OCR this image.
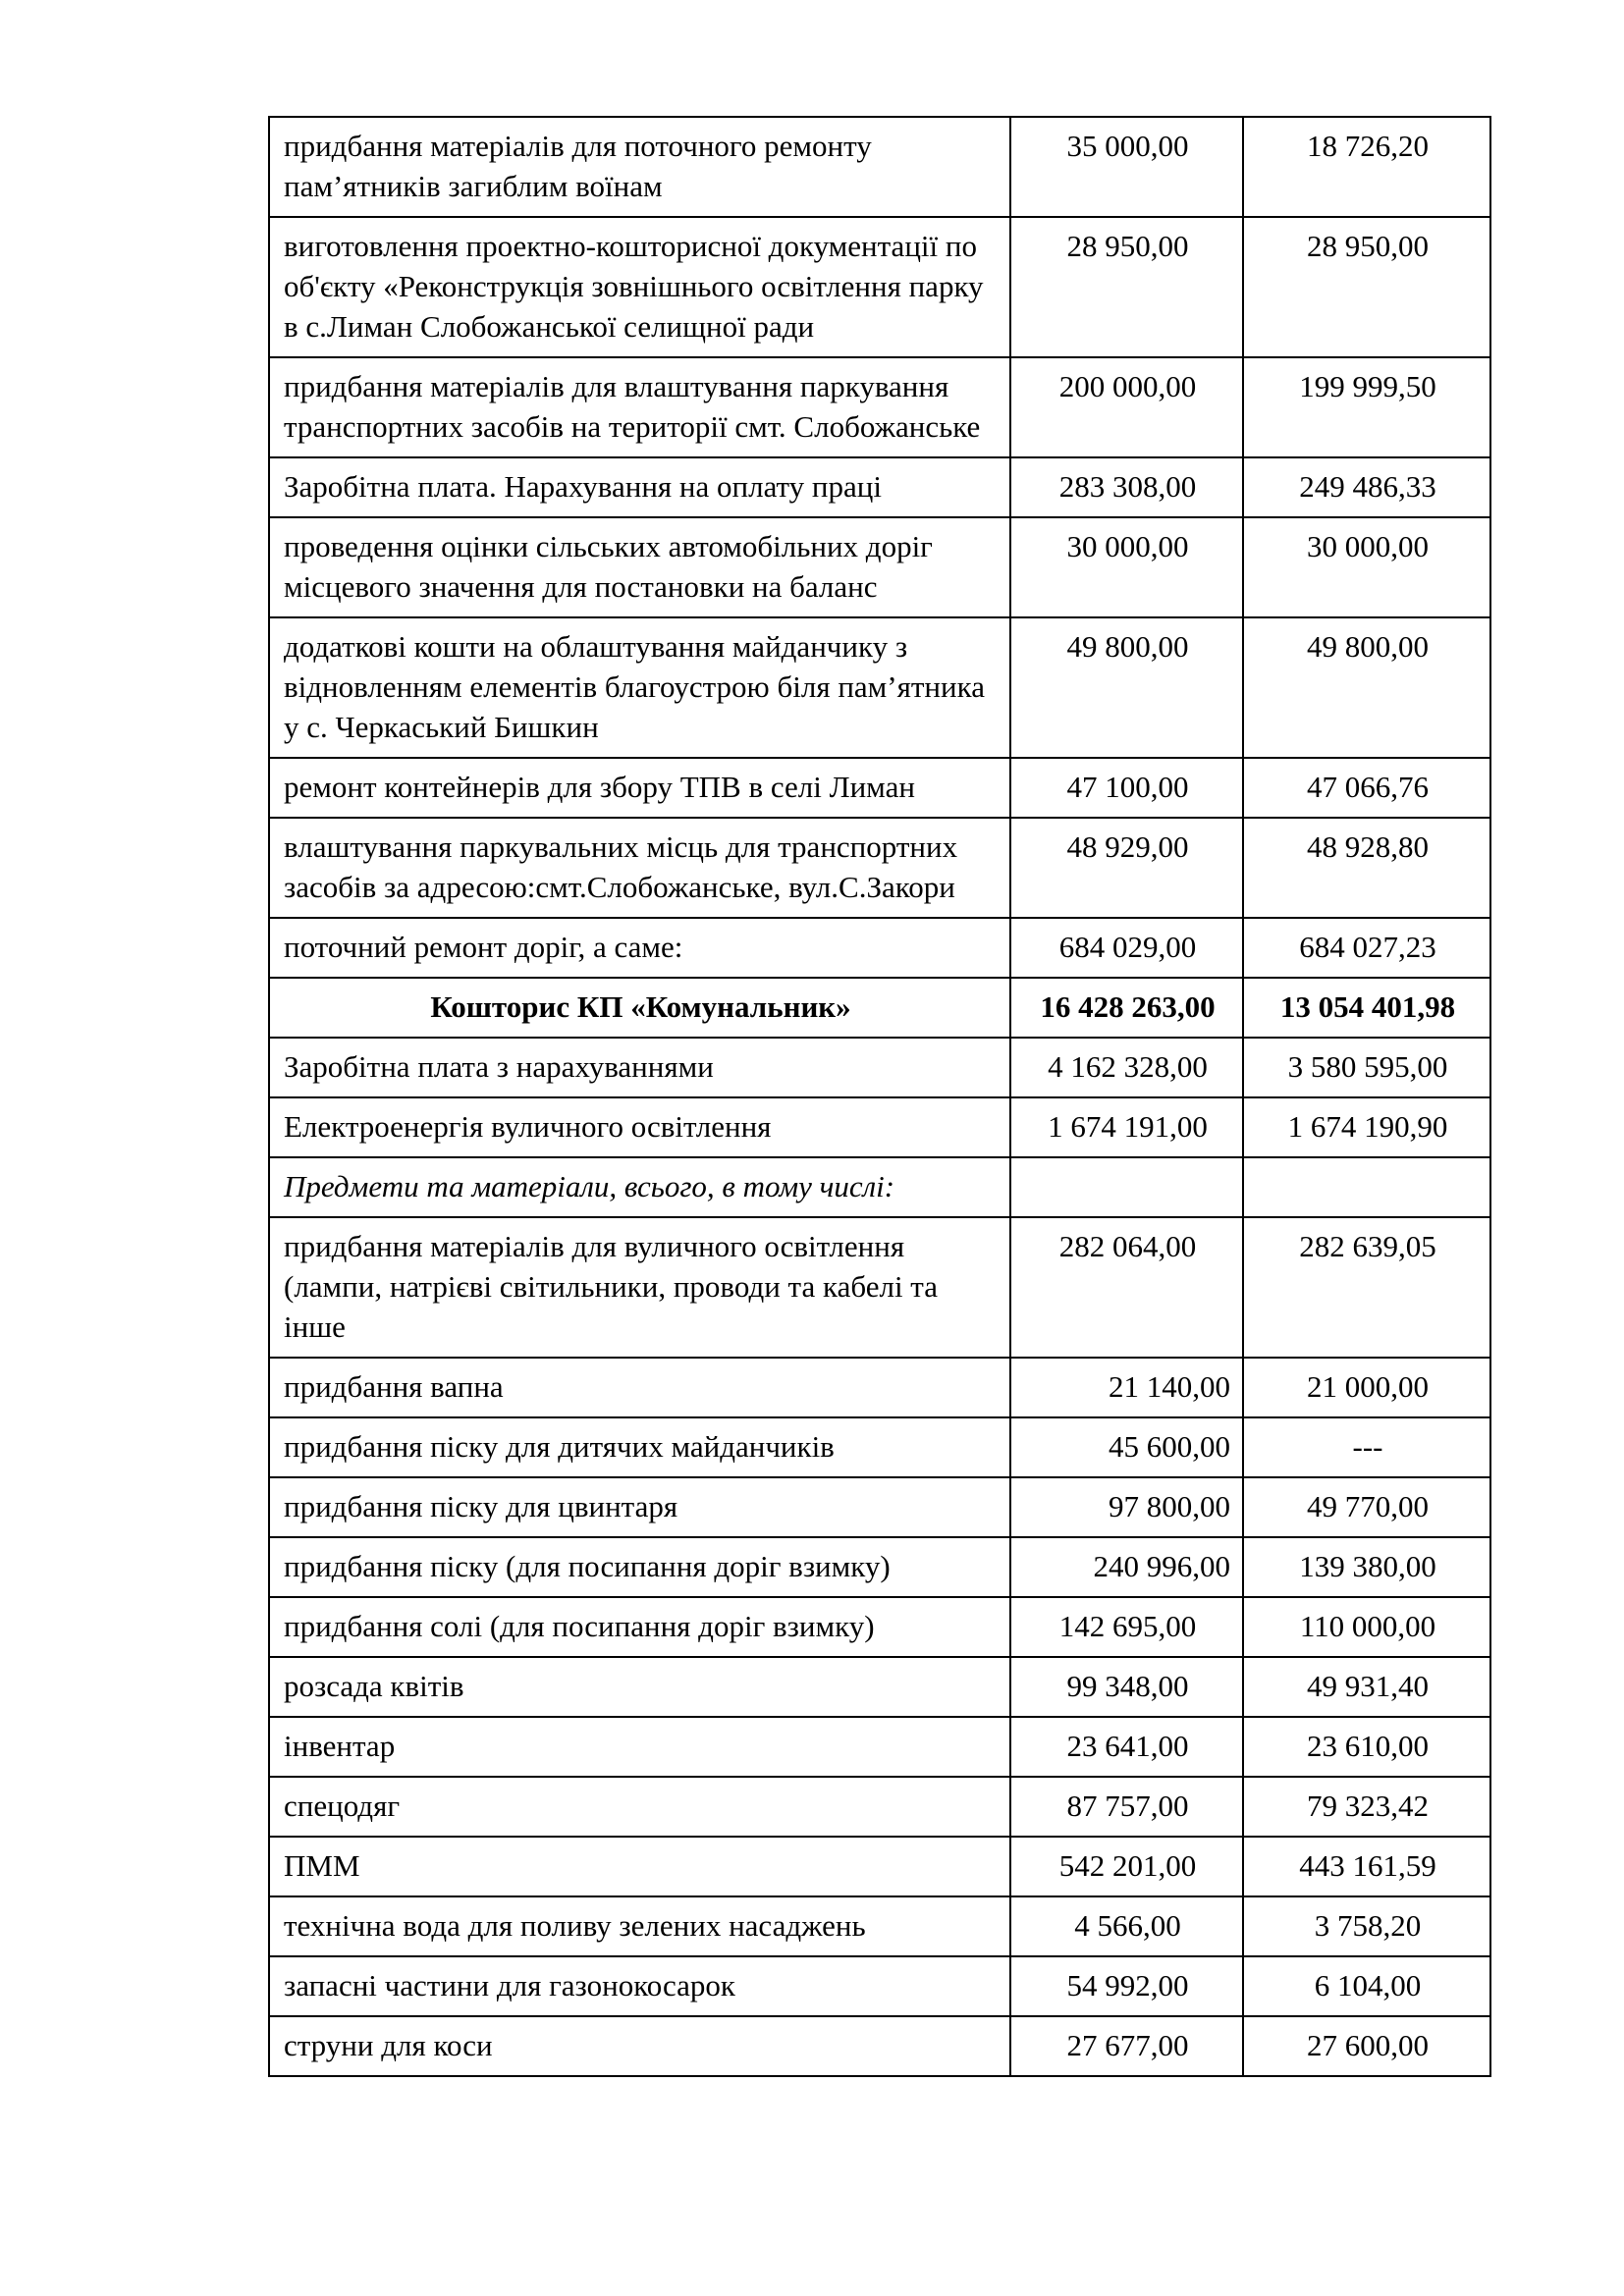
придбання матеріалів для поточного ремонту пам’ятників загиблим воїнам	35 000,00	18 726,20
виготовлення проектно-кошторисної документації по об'єкту «Реконструкція зовнішнього освітлення парку в с.Лиман Слобожанської селищної ради	28 950,00	28 950,00
придбання матеріалів для влаштування паркування транспортних засобів на території смт. Слобожанське	200 000,00	199 999,50
Заробітна плата. Нарахування на оплату праці	283 308,00	249 486,33
проведення оцінки сільських автомобільних доріг місцевого значення для постановки на баланс	30 000,00	30 000,00
додаткові кошти на облаштування майданчику з відновленням елементів благоустрою біля пам’ятника у с. Черкаський Бишкин	49 800,00	49 800,00
ремонт контейнерів для збору ТПВ в селі Лиман	47 100,00	47 066,76
влаштування паркувальних місць для транспортних засобів за адресою:смт.Слобожанське, вул.С.Закори	48 929,00	48 928,80
поточний ремонт доріг, а саме:	684 029,00	684 027,23
Кошторис КП «Комунальник»	16 428 263,00	13 054 401,98
Заробітна плата з нарахуваннями	4 162 328,00	3 580 595,00
Електроенергія вуличного освітлення	1 674 191,00	1 674 190,90
Предмети та матеріали, всього, в тому числі:		
придбання матеріалів для вуличного освітлення (лампи, натрієві світильники, проводи та кабелі та інше	282 064,00	282 639,05
придбання вапна	21 140,00	21 000,00
придбання піску для дитячих майданчиків	45 600,00	---
придбання піску для цвинтаря	97 800,00	49 770,00
придбання піску (для посипання доріг взимку)	240 996,00	139 380,00
придбання солі (для посипання доріг взимку)	142 695,00	110 000,00
розсада квітів	99 348,00	49 931,40
інвентар	23 641,00	23 610,00
спецодяг	87 757,00	79 323,42
ПММ	542 201,00	443 161,59
технічна вода для поливу зелених насаджень	4 566,00	3 758,20
запасні частини для газонокосарок	54 992,00	6 104,00
струни для коси	27 677,00	27 600,00
